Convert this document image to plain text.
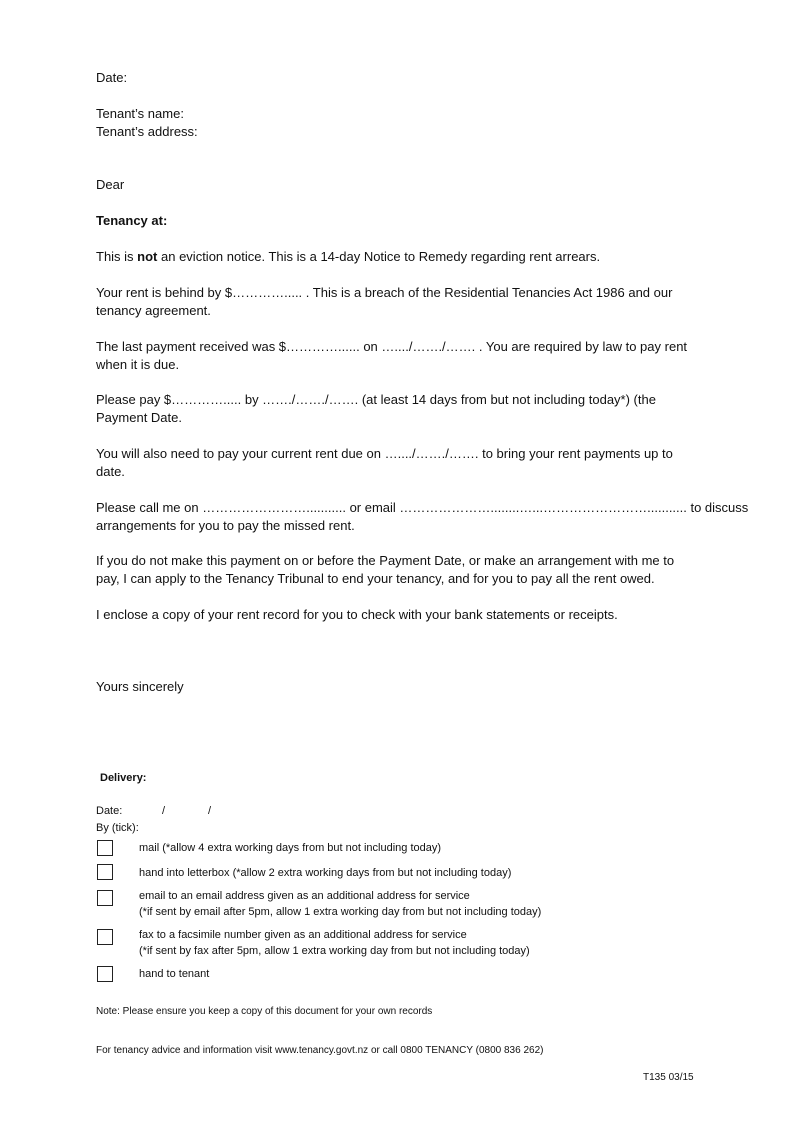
Date:
Tenant’s name:
Tenant’s address:
Dear
Tenancy at:
This is not an eviction notice. This is a 14-day Notice to Remedy regarding rent arrears.
Your rent is behind by $…………..... . This is a breach of the Residential Tenancies Act 1986 and our
tenancy agreement.
The last payment received was $…………...... on …..../……./……. . You are required by law to pay rent
when it is due.
Please pay $…………..... by ……./……./……. (at least 14 days from but not including today*) (the
Payment Date.
You will also need to pay your current rent due on …..../……./……. to bring your rent payments up to
date.
Please call me on ……………………........... or email …………………........…...……………………........... to discuss
arrangements for you to pay the missed rent.
If you do not make this payment on or before the Payment Date, or make an arrangement with me to
pay, I can apply to the Tenancy Tribunal to end your tenancy, and for you to pay all the rent owed.
I enclose a copy of your rent record for you to check with your bank statements or receipts.
Yours sincerely
Delivery:
Date:	/	/
By (tick):
mail (*allow 4 extra working days from but not including today)
hand into letterbox (*allow 2 extra working days from but not including today)
email to an email address given as an additional address for service
(*if sent by email after 5pm, allow 1 extra working day from but not including today)
fax to a facsimile number given as an additional address for service
(*if sent by fax after 5pm, allow 1 extra working day from but not including today)
hand to tenant
Note: Please ensure you keep a copy of this document for your own records
For tenancy advice and information visit www.tenancy.govt.nz or call 0800 TENANCY (0800 836 262)
T135 03/15
